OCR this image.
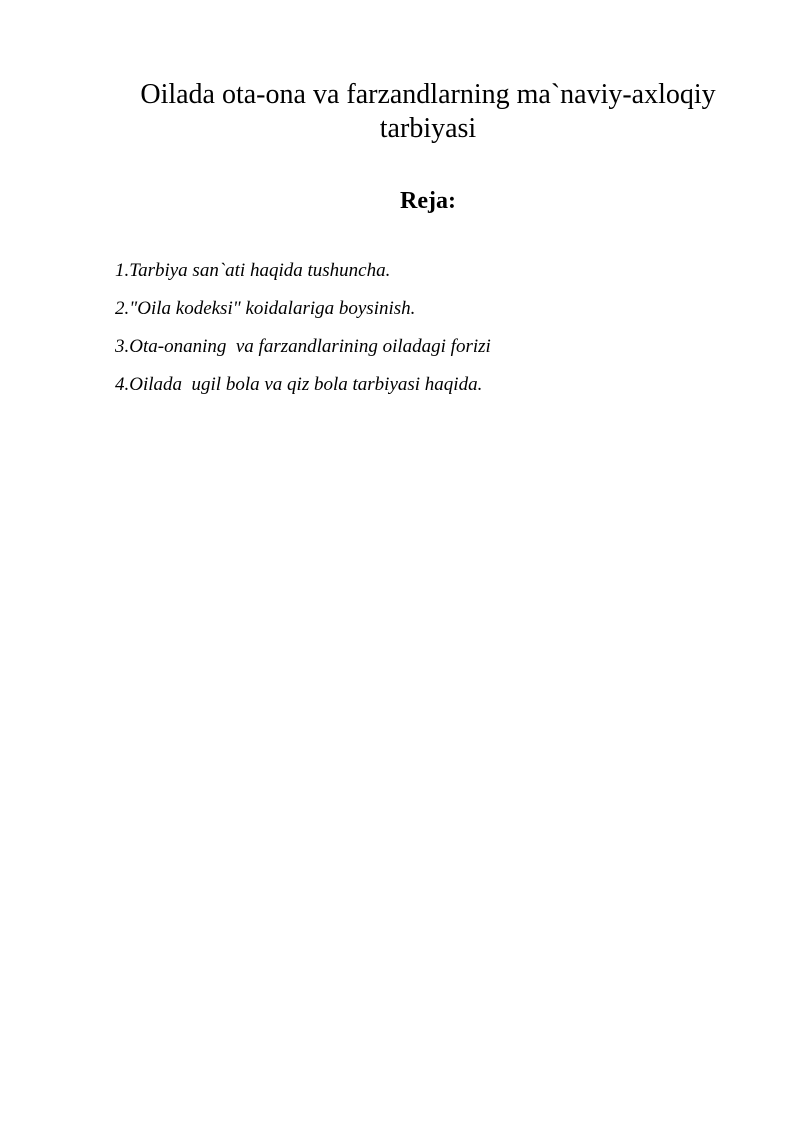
Oilada ota-ona va farzandlarning ma`naviy-axloqiy tarbiyasi
Reja:
1.Tarbiya san`ati haqida tushuncha.
2."Oila kodeksi" koidalariga boysinish.
3.Ota-onaning  va farzandlarining oiladagi forizi
4.Oilada  ugil bola va qiz bola tarbiyasi haqida.
